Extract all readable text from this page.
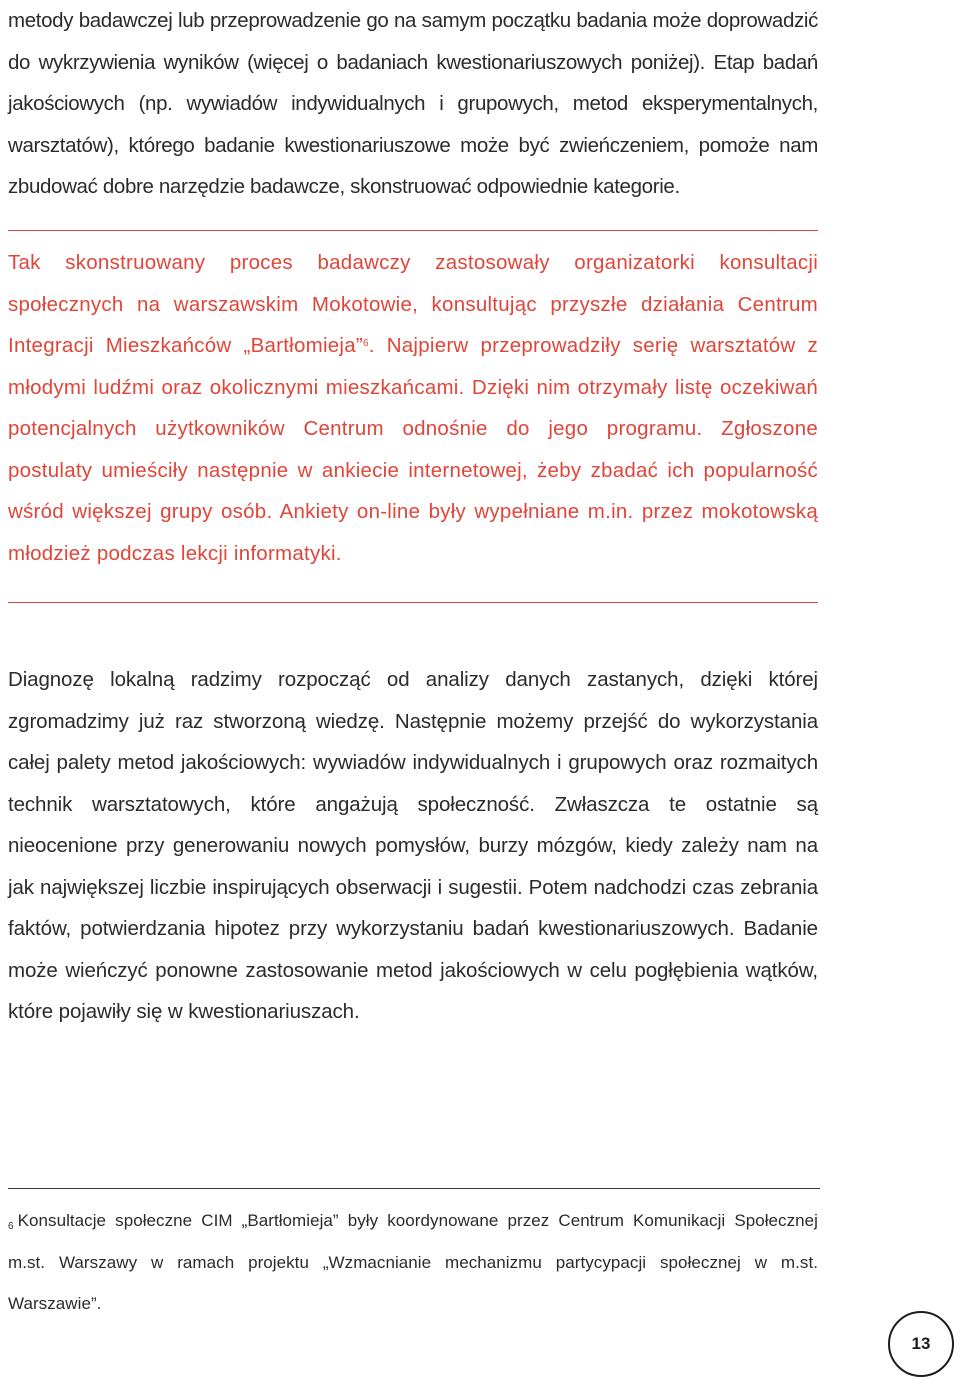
metody badawczej lub przeprowadzenie go na samym początku badania może doprowadzić do wykrzywienia wyników (więcej o badaniach kwestionariuszowych poniżej). Etap badań jakościowych (np. wywiadów indywidualnych i grupowych, metod eksperymentalnych, warsztatów), którego badanie kwestionariuszowe może być zwieńczeniem, pomoże nam zbudować dobre narzędzie badawcze, skonstruować odpowiednie kategorie.

Tak skonstruowany proces badawczy zastosowały organizatorki konsultacji społecznych na warszawskim Mokotowie, konsultując przyszłe działania Centrum Integracji Mieszkańców „Bartłomieja”$^6$. Najpierw przeprowadziły serię warsztatów z młodymi ludźmi oraz okolicznymi mieszkańcami. Dzięki nim otrzymały listę oczekiwań potencjalnych użytkowników Centrum odnośnie do jego programu. Zgłoszone postulaty umieściły następnie w ankiecie internetowej, żeby zbadać ich popularność wśród większej grupy osób. Ankiety on-line były wypełniane m.in. przez mokotowską młodzież podczas lekcji informatyki.

Diagnozę lokalną radzimy rozpocząć od analizy danych zastanych, dzięki której zgromadzimy już raz stworzoną wiedzę. Następnie możemy przejść do wykorzystania całej palety metod jakościowych: wywiadów indywidualnych i grupowych oraz rozmaitych technik warsztatowych, które angażują społeczność. Zwłaszcza te ostatnie są nieocenione przy generowaniu nowych pomysłów, burzy mózgów, kiedy zależy nam na jak największej liczbie inspirujących obserwacji i sugestii. Potem nadchodzi czas zebrania faktów, potwierdzania hipotez przy wykorzystaniu badań kwestionariuszowych. Badanie może wieńczyć ponowne zastosowanie metod jakościowych w celu pogłębienia wątków, które pojawiły się w kwestionariuszach.

$^6$ Konsultacje społeczne CIM „Bartłomieja” były koordynowane przez Centrum Komunikacji Społecznej m.st. Warszawy w ramach projektu „Wzmacnianie mechanizmu partycypacji społecznej w m.st. Warszawie”.

13
